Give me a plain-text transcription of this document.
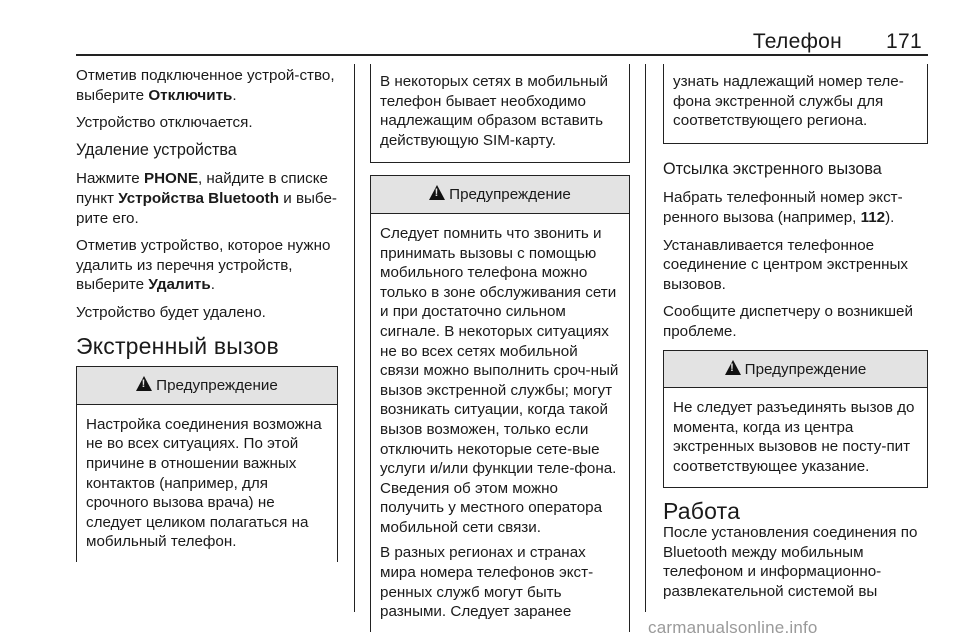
Телефон 171

Отметив подключенное устрой-ство, выберите Отключить.

Устройство отключается.

Удаление устройства

Нажмите PHONE, найдите в списке пункт Устройства Bluetooth и выбе-рите его.

Отметив устройство, которое нужно удалить из перечня устройств, выберите Удалить.

Устройство будет удалено.

Экстренный вызов
!Предупреждение

Настройка соединения возможна не во всех ситуациях. По этой причине в отношении важных контактов (например, для срочного вызова врача) не следует целиком полагаться на мобильный телефон.

В некоторых сетях в мобильный телефон бывает необходимо надлежащим образом вставить действующую SIM-карту.

!Предупреждение

Следует помнить что звонить и принимать вызовы с помощью мобильного телефона можно только в зоне обслуживания сети и при достаточно сильном сигнале. В некоторых ситуациях не во всех сетях мобильной связи можно выполнить сроч-ный вызов экстренной службы; могут возникать ситуации, когда такой вызов возможен, только если отключить некоторые сете-вые услуги и/или функции теле-фона. Сведения об этом можно получить у местного оператора мобильной сети связи.

В разных регионах и странах мира номера телефонов экст-ренных служб могут быть разными. Следует заранее

узнать надлежащий номер теле-фона экстренной службы для соответствующего региона.

Отсылка экстренного вызова

Набрать телефонный номер экст-ренного вызова (например, 112).

Устанавливается телефонное соединение с центром экстренных вызовов.

Сообщите диспетчеру о возникшей проблеме.

!Предупреждение

Не следует разъединять вызов до момента, когда из центра экстренных вызовов не посту-пит соответствующее указание.

Работа

После установления соединения по Bluetooth между мобильным телефоном и информационно-развлекательной системой вы

carmanualsonline.info
